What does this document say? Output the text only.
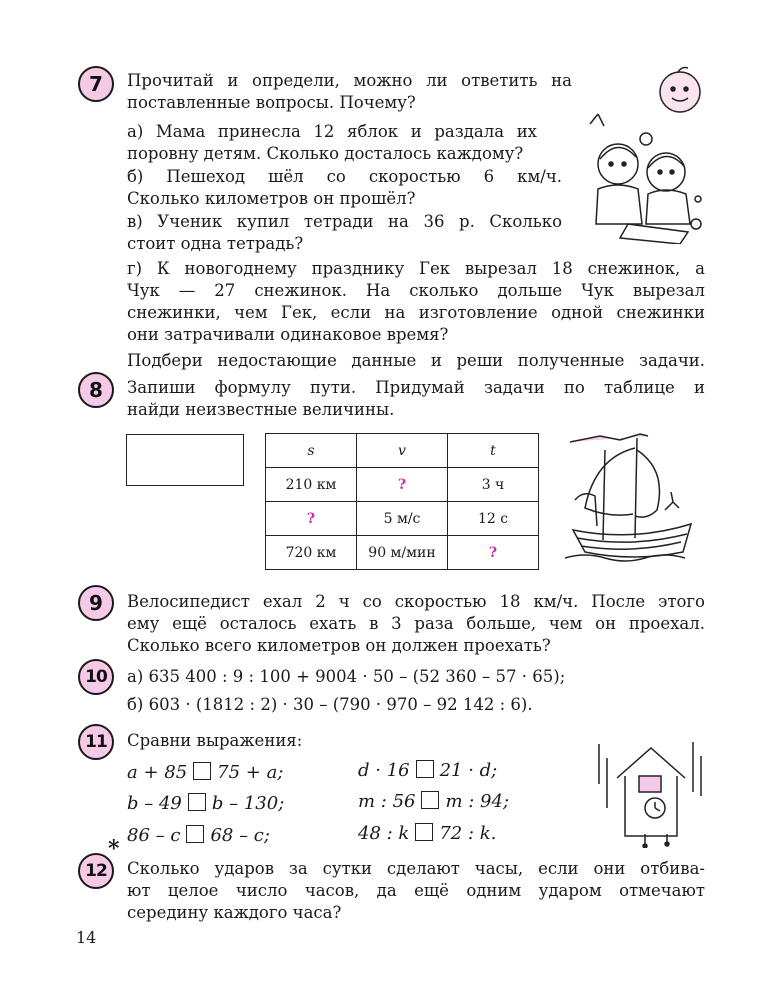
7	Прочитай и определи, можно ли ответить на
поставленные вопросы. Почему?
а) Мама принесла 12 яблок и раздала их
поровну детям. Сколько досталось каждому?
б) Пешеход шёл со скоростью 6 км/ч.
Сколько километров он прошёл?
в) Ученик купил тетради на 36 р. Сколько
стоит одна тетрадь?
г) К новогоднему празднику Гек вырезал 18 снежинок, а
Чук — 27 снежинок. На сколько дольше Чук вырезал
снежинки, чем Гек, если на изготовление одной снежинки
они затрачивали одинаковое время?
Подбери недостающие данные и реши полученные задачи.
8	Запиши формулу пути. Придумай задачи по таблице и
найди неизвестные величины.
s	v	t
210 км	?	3 ч
?	5 м/с	12 с
720 км	90 м/мин	?
9	Велосипедист ехал 2 ч со скоростью 18 км/ч. После этого
ему ещё осталось ехать в 3 раза больше, чем он проехал.
Сколько всего километров он должен проехать?
10	а) 635 400 : 9 : 100 + 9004 · 50 – (52 360 – 57 · 65);
б) 603 · (1812 : 2) · 30 – (790 · 970 – 92 142 : 6).
11	Сравни выражения:
a + 85 75 + a;
b – 49 b – 130;
86 – c 68 – c;
d · 16 21 · d;
m : 56 m : 94;
48 : k 72 : k.
*
12	Сколько ударов за сутки сделают часы, если они отбива-
ют целое число часов, да ещё одним ударом отмечают
середину каждого часа?
14
